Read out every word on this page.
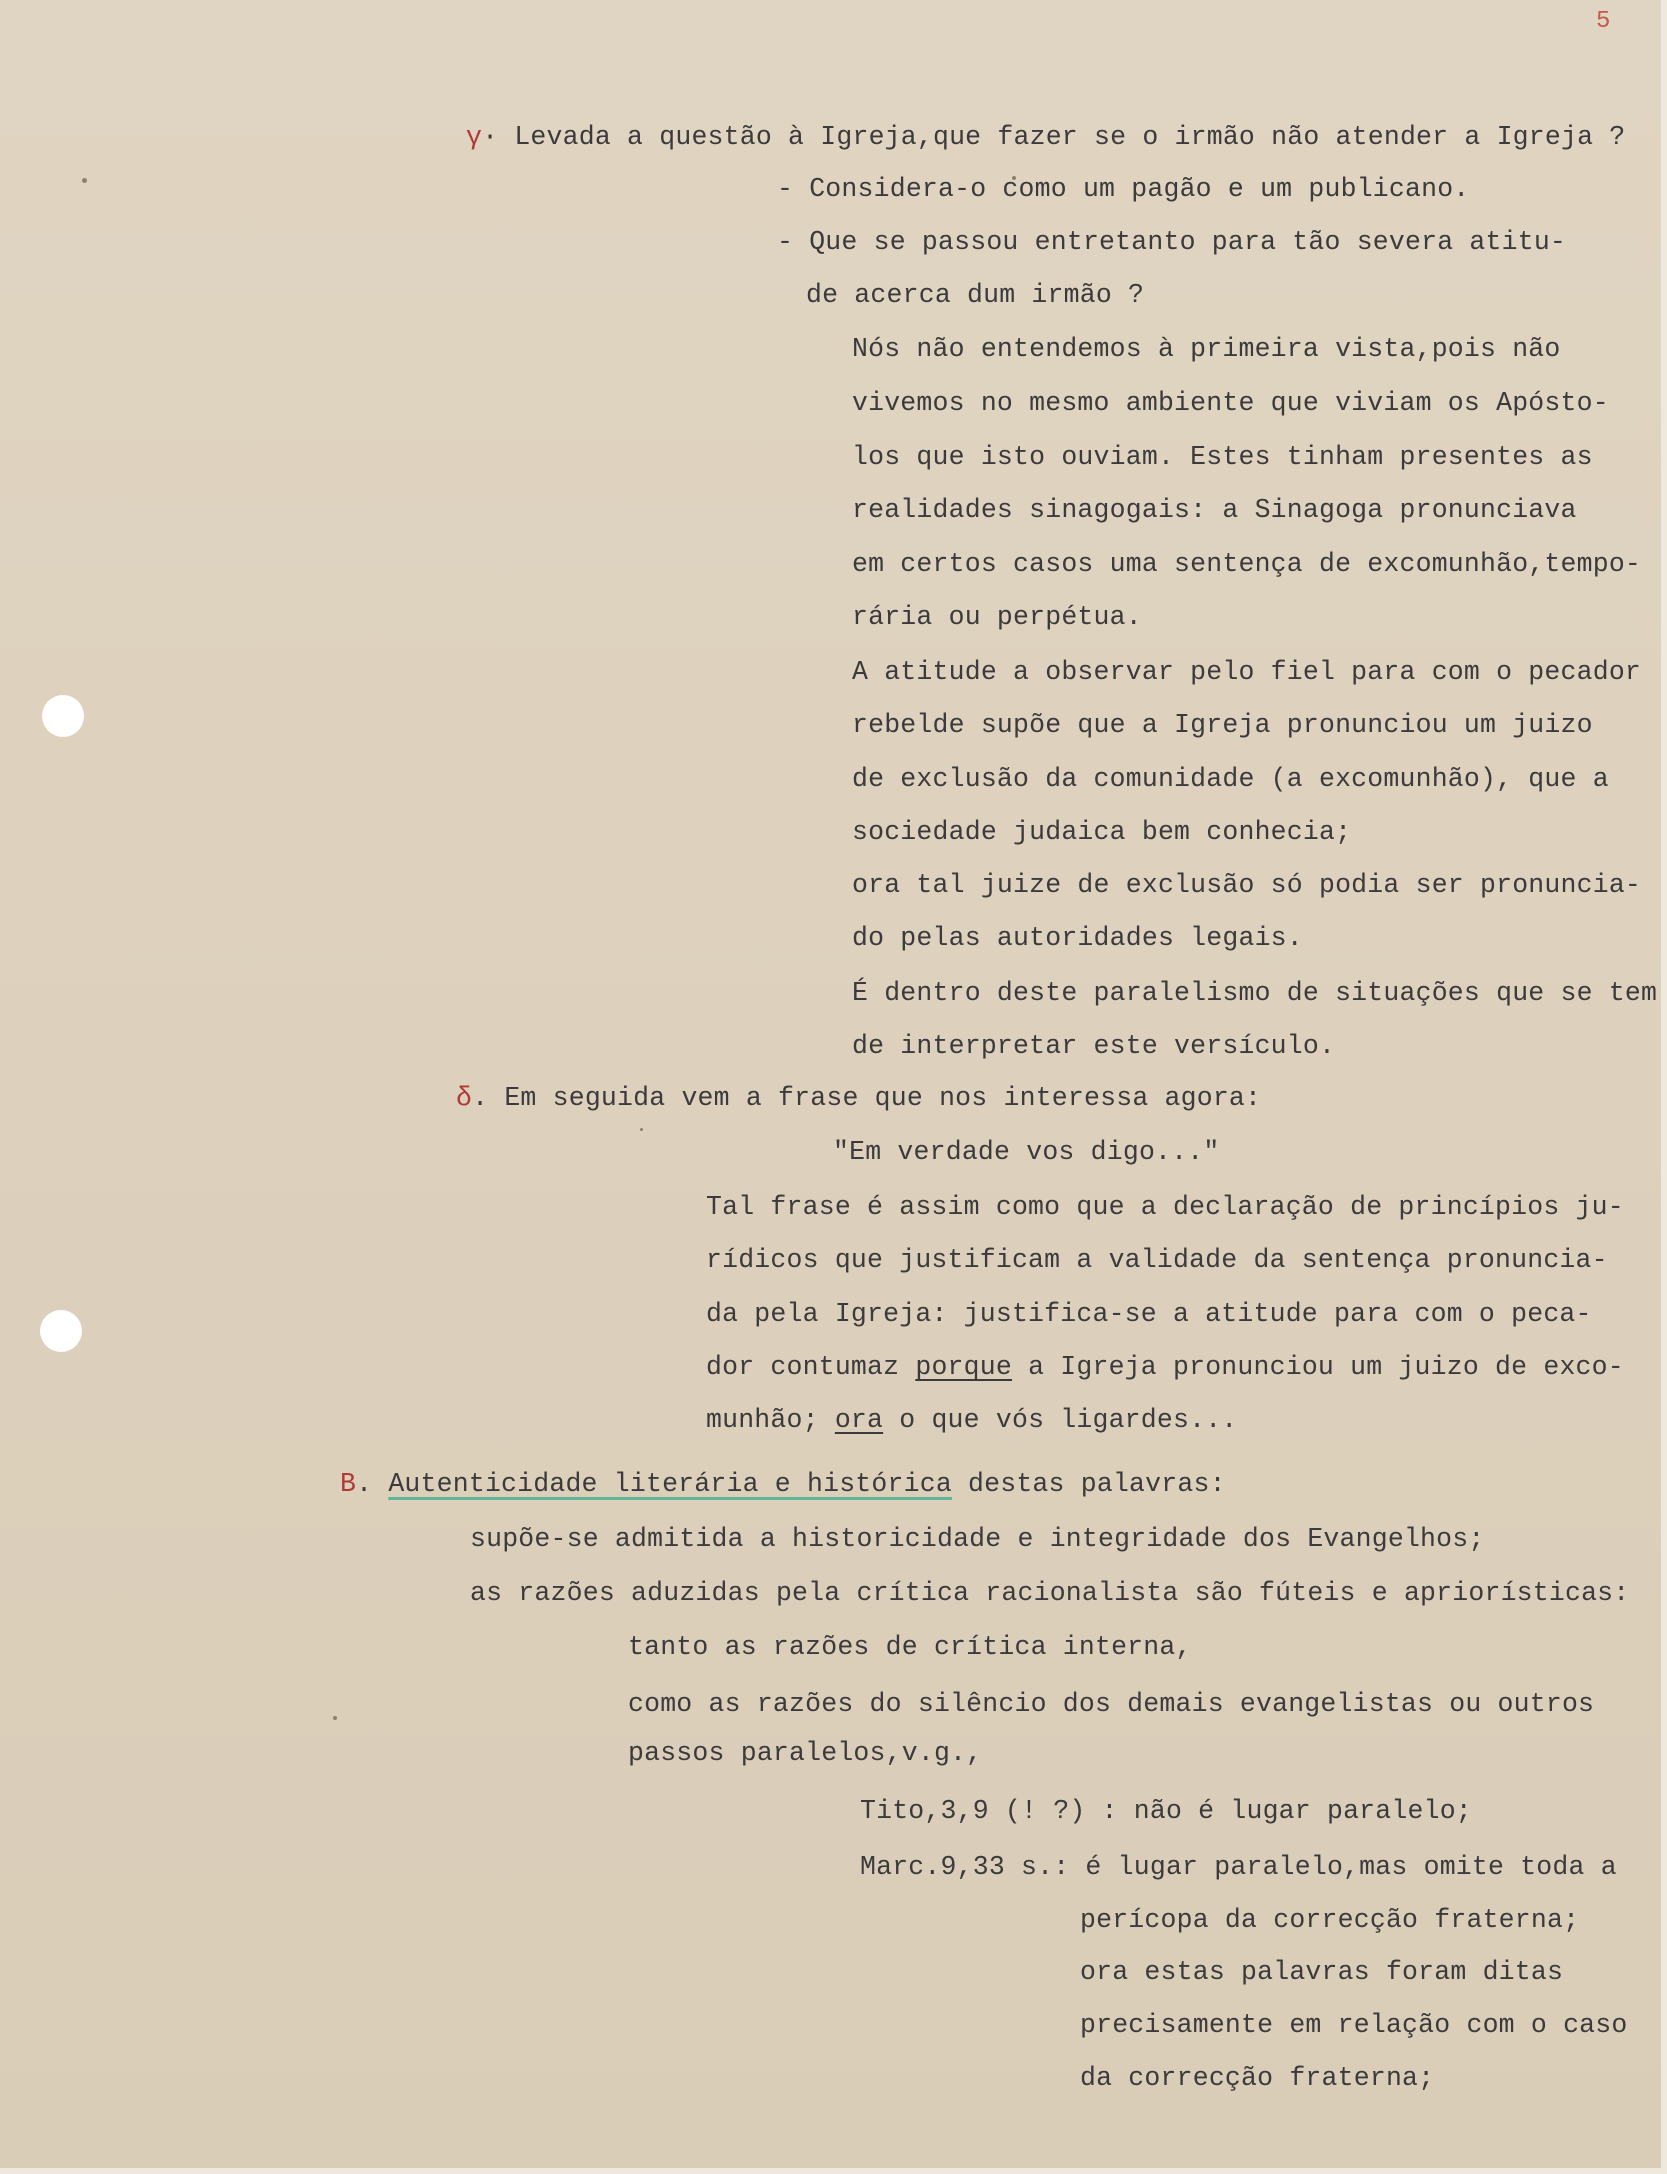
5
γ· Levada a questão à Igreja,que fazer se o irmão não atender a Igreja ?
- Considera-o como um pagão e um publicano.
- Que se passou entretanto para tão severa atitu-
de acerca dum irmão ?
Nós não entendemos à primeira vista,pois não
vivemos no mesmo ambiente que viviam os Apósto-
los que isto ouviam. Estes tinham presentes as
realidades sinagogais: a Sinagoga pronunciava
em certos casos uma sentença de excomunhão,tempo-
rária ou perpétua.
A atitude a observar pelo fiel para com o pecador
rebelde supõe que a Igreja pronunciou um juizo
de exclusão da comunidade (a excomunhão), que a
sociedade judaica bem conhecia;
ora tal juize de exclusão só podia ser pronuncia-
do pelas autoridades legais.
É dentro deste paralelismo de situações que se tem
de interpretar este versículo.
δ. Em seguida vem a frase que nos interessa agora:
"Em verdade vos digo..."
Tal frase é assim como que a declaração de princípios ju-
rídicos que justificam a validade da sentença pronuncia-
da pela Igreja: justifica-se a atitude para com o peca-
dor contumaz porque a Igreja pronunciou um juizo de exco-
munhão; ora o que vós ligardes...
B. Autenticidade literária e histórica destas palavras:
supõe-se admitida a historicidade e integridade dos Evangelhos;
as razões aduzidas pela crítica racionalista são fúteis e apriorísticas:
tanto as razões de crítica interna,
como as razões do silêncio dos demais evangelistas ou outros
passos paralelos,v.g.,
Tito,3,9 (! ?) : não é lugar paralelo;
Marc.9,33 s.: é lugar paralelo,mas omite toda a
perícopa da correcção fraterna;
ora estas palavras foram ditas
precisamente em relação com o caso
da correcção fraterna;
